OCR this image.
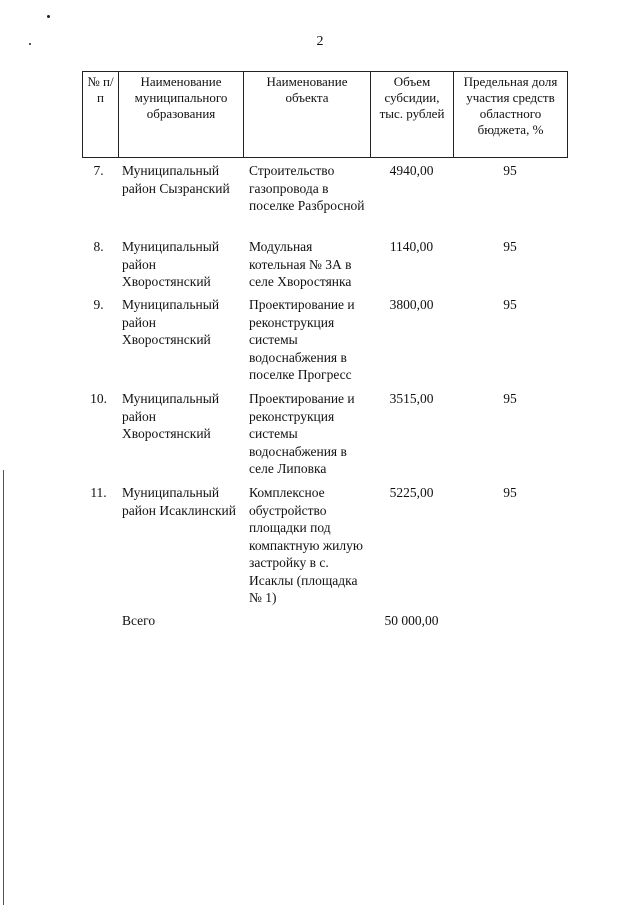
2
№ п/п	Наименование муниципального образования	Наименование объекта	Объем субсидии, тыс. рублей	Предельная доля участия средств областного бюджета, %
7.	Муниципальный район Сызранский	Строительство газопровода в поселке Разбросной	4940,00	95
8.	Муниципальный район Хворостянский	Модульная котельная № 3А в селе Хворостянка	1140,00	95
9.	Муниципальный район Хворостянский	Проектирование и реконструкция системы водоснабжения в поселке Прогресс	3800,00	95
10.	Муниципальный район Хворостянский	Проектирование и реконструкция системы водоснабжения в селе Липовка	3515,00	95
11.	Муниципальный район Исаклинский	Комплексное обустройство площадки под компактную жилую застройку в с. Исаклы (площадка № 1)	5225,00	95
	Всего		50 000,00	
